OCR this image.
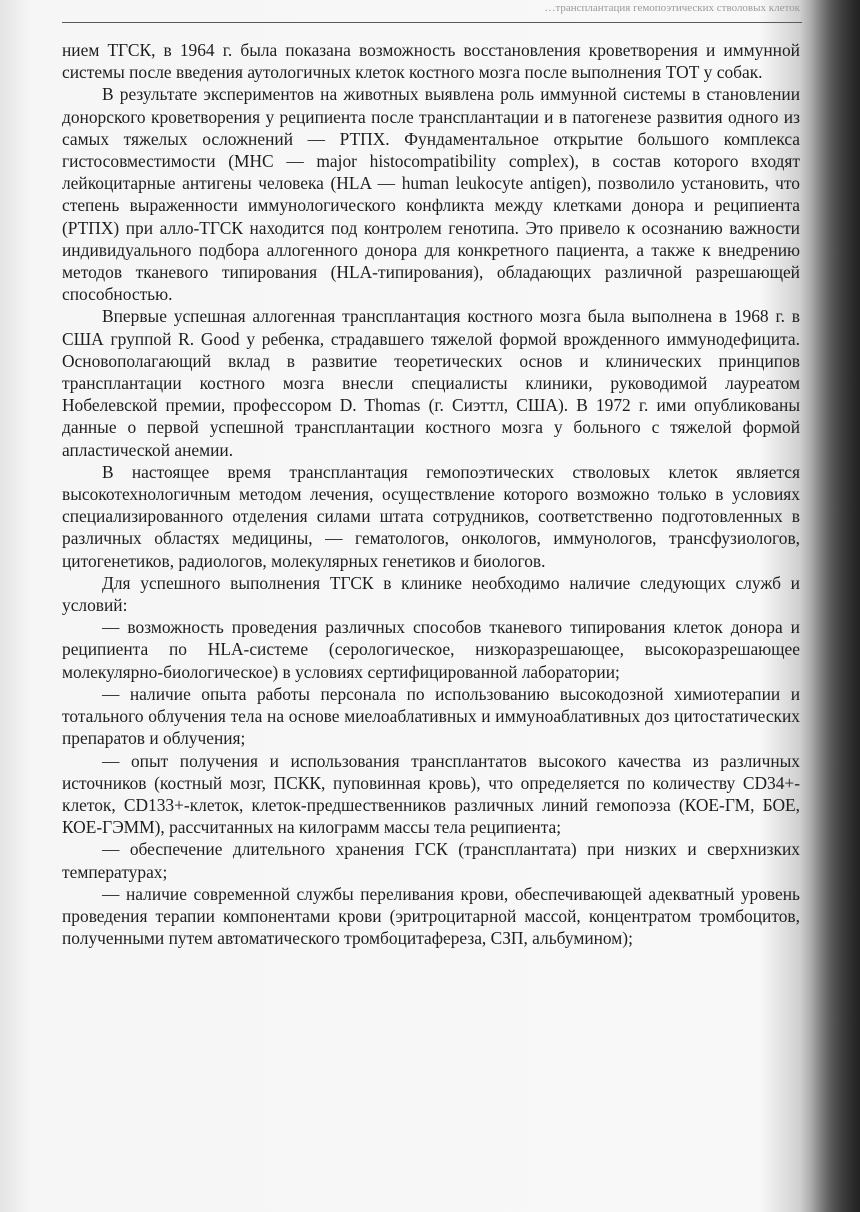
…трансплантация гемопоэтических стволовых клеток

нием ТГСК, в 1964 г. была показана возможность восстановления кроветворения и иммунной системы после введения аутологичных клеток костного мозга после выполнения ТОТ у собак.

В результате экспериментов на животных выявлена роль иммунной системы в становлении донорского кроветворения у реципиента после трансплантации и в патогенезе развития одного из самых тяжелых осложнений — РТПХ. Фундаментальное открытие большого комплекса гистосовместимости (MHC — major histocompatibility complex), в состав которого входят лейкоцитарные антигены человека (HLA — human leukocyte antigen), позволило установить, что степень выраженности иммунологического конфликта между клетками донора и реципиента (РТПХ) при алло-ТГСК находится под контролем генотипа. Это привело к осознанию важности индивидуального подбора аллогенного донора для конкретного пациента, а также к внедрению методов тканевого типирования (HLA-типирования), обладающих различной разрешающей способностью.

Впервые успешная аллогенная трансплантация костного мозга была выполнена в 1968 г. в США группой R. Good у ребенка, страдавшего тяжелой формой врожденного иммунодефицита. Основополагающий вклад в развитие теоретических основ и клинических принципов трансплантации костного мозга внесли специалисты клиники, руководимой лауреатом Нобелевской премии, профессором D. Thomas (г. Сиэттл, США). В 1972 г. ими опубликованы данные о первой успешной трансплантации костного мозга у больного с тяжелой формой апластической анемии.

В настоящее время трансплантация гемопоэтических стволовых клеток является высокотехнологичным методом лечения, осуществление которого возможно только в условиях специализированного отделения силами штата сотрудников, соответственно подготовленных в различных областях медицины, — гематологов, онкологов, иммунологов, трансфузиологов, цитогенетиков, радиологов, молекулярных генетиков и биологов.

Для успешного выполнения ТГСК в клинике необходимо наличие следующих служб и условий:

— возможность проведения различных способов тканевого типирования клеток донора и реципиента по HLA-системе (серологическое, низкоразрешающее, высокоразрешающее молекулярно-биологическое) в условиях сертифицированной лаборатории;

— наличие опыта работы персонала по использованию высокодозной химиотерапии и тотального облучения тела на основе миелоаблативных и иммуноаблативных доз цитостатических препаратов и облучения;

— опыт получения и использования трансплантатов высокого качества из различных источников (костный мозг, ПСКК, пуповинная кровь), что определяется по количеству CD34+-клеток, CD133+-клеток, клеток-предшественников различных линий гемопоэза (КОЕ-ГМ, БОЕ, КОЕ-ГЭММ), рассчитанных на килограмм массы тела реципиента;

— обеспечение длительного хранения ГСК (трансплантата) при низких и сверхнизких температурах;

— наличие современной службы переливания крови, обеспечивающей адекватный уровень проведения терапии компонентами крови (эритроцитарной массой, концентратом тромбоцитов, полученными путем автоматического тромбоцитафереза, СЗП, альбумином);
